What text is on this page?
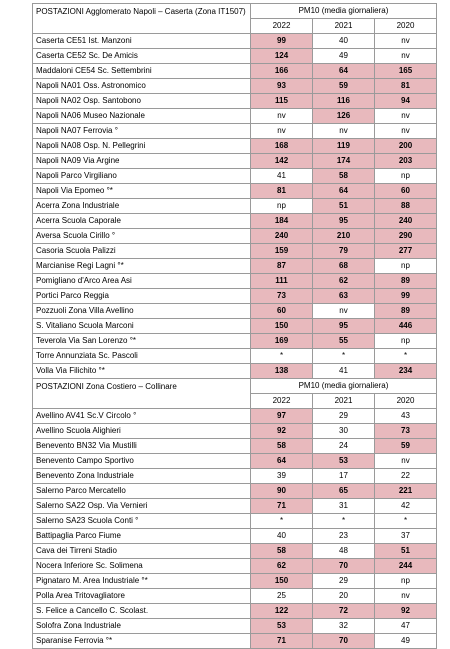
POSTAZIONI Agglomerato Napoli – Caserta (Zona IT1507)	PM10 (media giornaliera)		
	2022	2021	2020
Caserta CE51 Ist. Manzoni	99	40	nv
Caserta CE52 Sc. De Amicis	124	49	nv
Maddaloni CE54 Sc. Settembrini	166	64	165
Napoli NA01 Oss. Astronomico	93	59	81
Napoli NA02 Osp. Santobono	115	116	94
Napoli NA06 Museo Nazionale	nv	126	nv
Napoli NA07 Ferrovia °	nv	nv	nv
Napoli NA08 Osp. N. Pellegrini	168	119	200
Napoli NA09 Via Argine	142	174	203
Napoli Parco Virgiliano	41	58	np
Napoli Via Epomeo °*	81	64	60
Acerra Zona Industriale	np	51	88
Acerra Scuola Caporale	184	95	240
Aversa Scuola Cirillo °	240	210	290
Casoria Scuola Palizzi	159	79	277
Marcianise Regi Lagni °*	87	68	np
Pomigliano d'Arco Area Asi	111	62	89
Portici Parco Reggia	73	63	99
Pozzuoli Zona Villa Avellino	60	nv	89
S. Vitaliano Scuola Marconi	150	95	446
Teverola Via San Lorenzo °*	169	55	np
Torre Annunziata Sc. Pascoli	*	*	*
Volla Via Filichito °*	138	41	234
POSTAZIONI Zona Costiero – Collinare	PM10 (media giornaliera)		
	2022	2021	2020
Avellino AV41 Sc.V Circolo °	97	29	43
Avellino Scuola Alighieri	92	30	73
Benevento BN32 Via Mustilli	58	24	59
Benevento Campo Sportivo	64	53	nv
Benevento Zona Industriale	39	17	22
Salerno Parco Mercatello	90	65	221
Salerno SA22 Osp. Via Vernieri	71	31	42
Salerno SA23 Scuola Conti °	*	*	*
Battipaglia Parco Fiume	40	23	37
Cava dei Tirreni Stadio	58	48	51
Nocera Inferiore Sc. Solimena	62	70	244
Pignataro M. Area Industriale °*	150	29	np
Polla Area Tritovagliatore	25	20	nv
S. Felice a Cancello C. Scolast.	122	72	92
Solofra Zona Industriale	53	32	47
Sparanise Ferrovia °*	71	70	49
